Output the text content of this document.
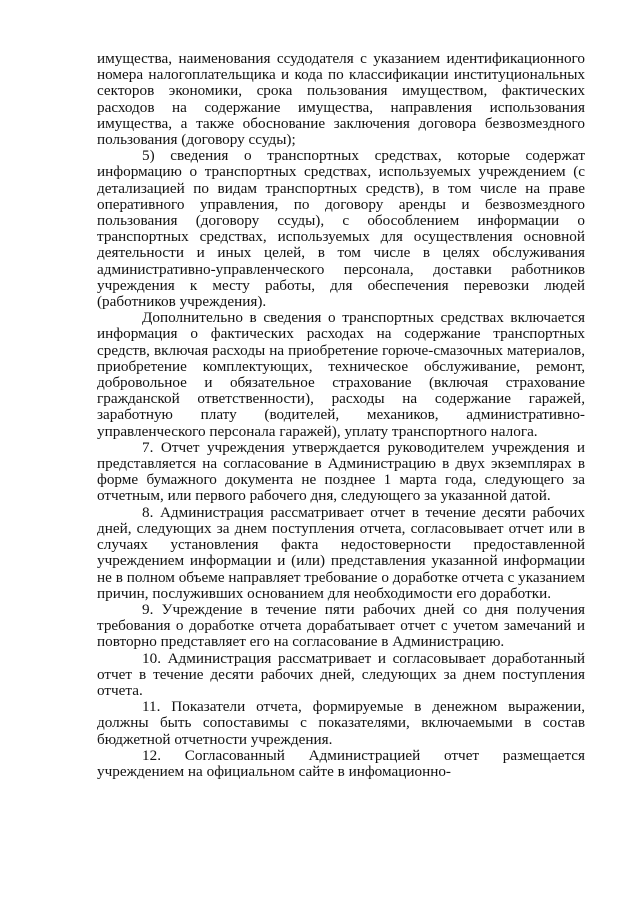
имущества, наименования ссудодателя с указанием идентификационного номера налогоплательщика и кода по классификации институциональных секторов экономики, срока пользования имуществом, фактических расходов на содержание имущества, направления использования имущества, а также обоснование заключения договора безвозмездного пользования (договору ссуды);

5) сведения о транспортных средствах, которые содержат информацию о транспортных средствах, используемых учреждением (с детализацией по видам транспортных средств), в том числе на праве оперативного управления, по договору аренды и безвозмездного пользования (договору ссуды), с обособлением информации о транспортных средствах, используемых для осуществления основной деятельности и иных целей, в том числе в целях обслуживания административно-управленческого персонала, доставки работников учреждения к месту работы, для обеспечения перевозки людей (работников учреждения).

Дополнительно в сведения о транспортных средствах включается информация о фактических расходах на содержание транспортных средств, включая расходы на приобретение горюче-смазочных материалов, приобретение комплектующих, техническое обслуживание, ремонт, добровольное и обязательное страхование (включая страхование гражданской ответственности), расходы на содержание гаражей, заработную плату (водителей, механиков, административно-управленческого персонала гаражей), уплату транспортного налога.

7. Отчет учреждения утверждается руководителем учреждения и представляется на согласование в Администрацию в двух экземплярах в форме бумажного документа не позднее 1 марта года, следующего за отчетным, или первого рабочего дня, следующего за указанной датой.

8. Администрация рассматривает отчет в течение десяти рабочих дней, следующих за днем поступления отчета, согласовывает отчет или в случаях установления факта недостоверности предоставленной учреждением информации и (или) представления указанной информации не в полном объеме направляет требование о доработке отчета с указанием причин, послуживших основанием для необходимости его доработки.

9. Учреждение в течение пяти рабочих дней со дня получения требования о доработке отчета дорабатывает отчет с учетом замечаний и повторно представляет его на согласование в Администрацию.

10. Администрация рассматривает и согласовывает доработанный отчет в течение десяти рабочих дней, следующих за днем поступления отчета.

11. Показатели отчета, формируемые в денежном выражении, должны быть сопоставимы с показателями, включаемыми в состав бюджетной отчетности учреждения.

12. Согласованный Администрацией отчет размещается учреждением на официальном сайте в инфомационно-
